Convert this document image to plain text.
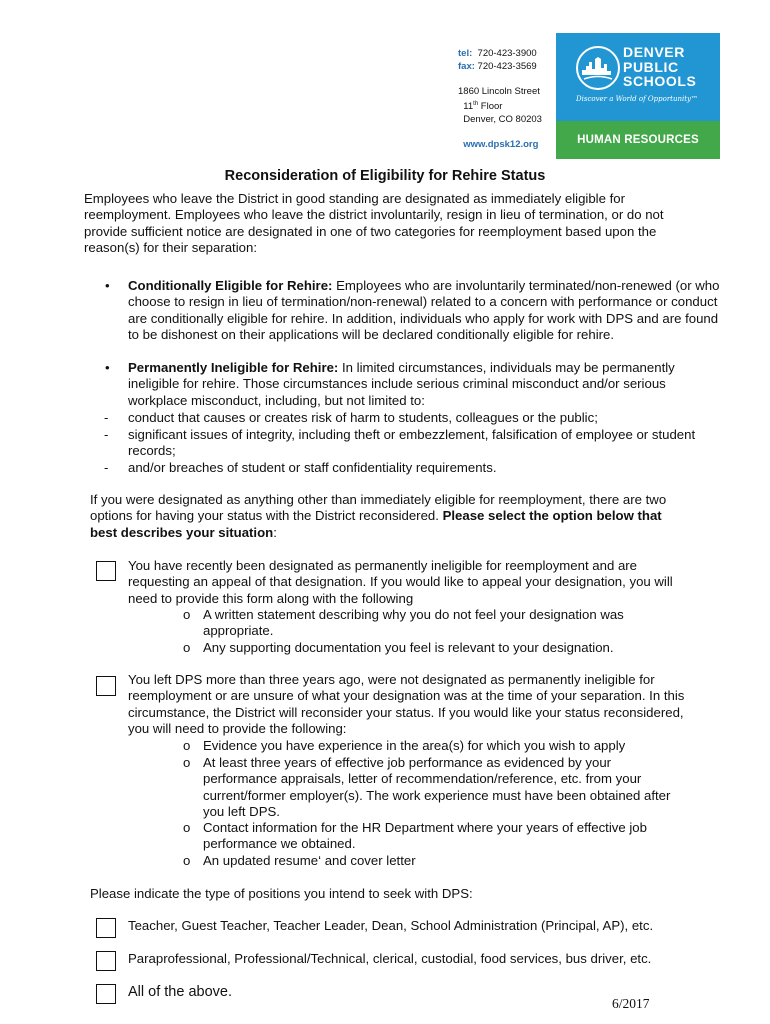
tel: 720-423-3900
fax: 720-423-3569
1860 Lincoln Street
11th Floor
Denver, CO 80203
www.dpsk12.org
DENVER
PUBLIC
SCHOOLS
Discover a World of Opportunity™
HUMAN RESOURCES
Reconsideration of Eligibility for Rehire Status
Employees who leave the District in good standing are designated as immediately eligible for reemployment. Employees who leave the district involuntarily, resign in lieu of termination, or do not provide sufficient notice are designated in one of two categories for reemployment based upon the reason(s) for their separation:
• Conditionally Eligible for Rehire: Employees who are involuntarily terminated/non-renewed (or who choose to resign in lieu of termination/non-renewal) related to a concern with performance or conduct are conditionally eligible for rehire. In addition, individuals who apply for work with DPS and are found to be dishonest on their applications will be declared conditionally eligible for rehire.
• Permanently Ineligible for Rehire: In limited circumstances, individuals may be permanently ineligible for rehire. Those circumstances include serious criminal misconduct and/or serious workplace misconduct, including, but not limited to:
- conduct that causes or creates risk of harm to students, colleagues or the public;
- significant issues of integrity, including theft or embezzlement, falsification of employee or student records;
- and/or breaches of student or staff confidentiality requirements.
If you were designated as anything other than immediately eligible for reemployment, there are two options for having your status with the District reconsidered. Please select the option below that best describes your situation:
You have recently been designated as permanently ineligible for reemployment and are requesting an appeal of that designation. If you would like to appeal your designation, you will need to provide this form along with the following
o A written statement describing why you do not feel your designation was appropriate.
o Any supporting documentation you feel is relevant to your designation.
You left DPS more than three years ago, were not designated as permanently ineligible for reemployment or are unsure of what your designation was at the time of your separation. In this circumstance, the District will reconsider your status. If you would like your status reconsidered, you will need to provide the following:
o Evidence you have experience in the area(s) for which you wish to apply
o At least three years of effective job performance as evidenced by your performance appraisals, letter of recommendation/reference, etc. from your current/former employer(s). The work experience must have been obtained after you left DPS.
o Contact information for the HR Department where your years of effective job performance we obtained.
o An updated resume‘ and cover letter
Please indicate the type of positions you intend to seek with DPS:
Teacher, Guest Teacher, Teacher Leader, Dean, School Administration (Principal, AP), etc.
Paraprofessional, Professional/Technical, clerical, custodial, food services, bus driver, etc.
All of the above.
6/2017
